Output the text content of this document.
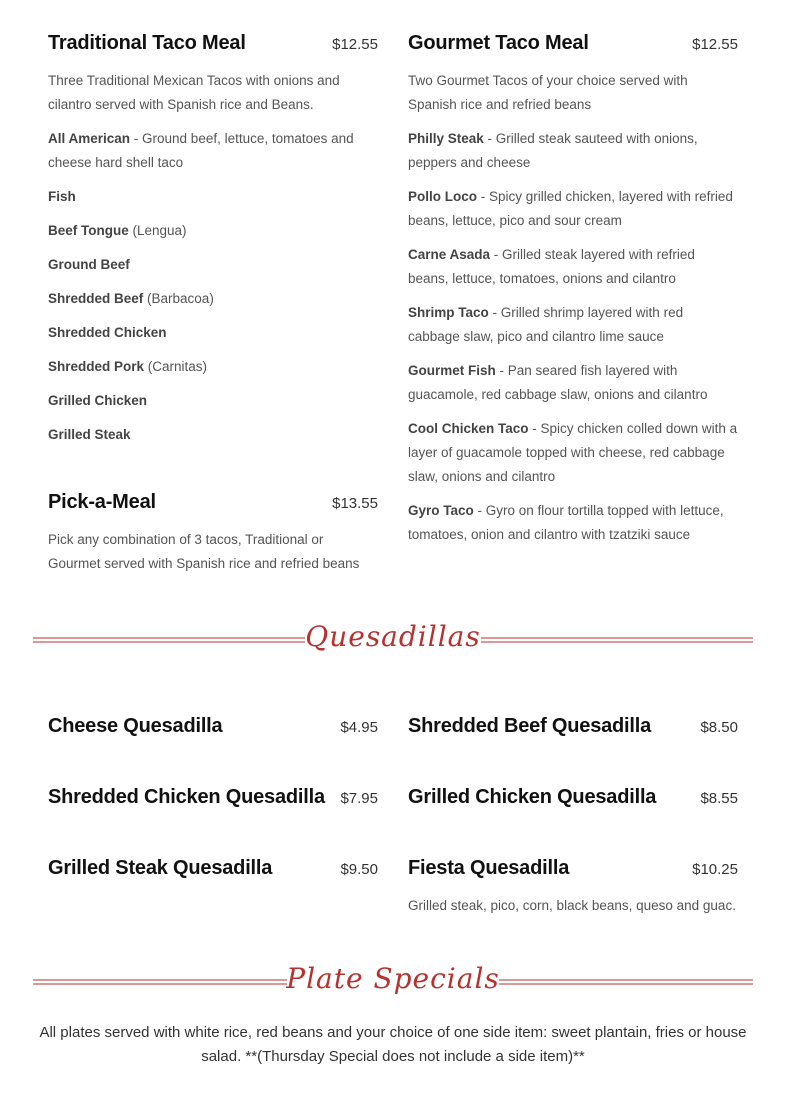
Traditional Taco Meal	$12.55

Three Traditional Mexican Tacos with onions and cilantro served with Spanish rice and Beans.

All American - Ground beef, lettuce, tomatoes and cheese hard shell taco

Fish

Beef Tongue (Lengua)

Ground Beef

Shredded Beef (Barbacoa)

Shredded Chicken

Shredded Pork (Carnitas)

Grilled Chicken

Grilled Steak

Pick-a-Meal	$13.55

Pick any combination of 3 tacos, Traditional or Gourmet served with Spanish rice and refried beans

Gourmet Taco Meal	$12.55

Two Gourmet Tacos of your choice served with Spanish rice and refried beans

Philly Steak - Grilled steak sauteed with onions, peppers and cheese

Pollo Loco - Spicy grilled chicken, layered with refried beans, lettuce, pico and sour cream

Carne Asada - Grilled steak layered with refried beans, lettuce, tomatoes, onions and cilantro

Shrimp Taco - Grilled shrimp layered with red cabbage slaw, pico and cilantro lime sauce

Gourmet Fish - Pan seared fish layered with guacamole, red cabbage slaw, onions and cilantro

Cool Chicken Taco - Spicy chicken colled down with a layer of guacamole topped with cheese, red cabbage slaw, onions and cilantro

Gyro Taco - Gyro on flour tortilla topped with lettuce, tomatoes, onion and cilantro with tzatziki sauce

Quesadillas
Cheese Quesadilla	$4.95 Shredded Beef Quesadilla	$8.50
Shredded Chicken Quesadilla $7.95 Grilled Chicken Quesadilla	$8.55
Grilled Steak Quesadilla	$9.50 Fiesta Quesadilla	$10.25

Grilled steak, pico, corn, black beans, queso and guac.

Plate Specials

All plates served with white rice, red beans and your choice of one side item: sweet plantain, fries or house salad. **(Thursday Special does not include a side item)**
